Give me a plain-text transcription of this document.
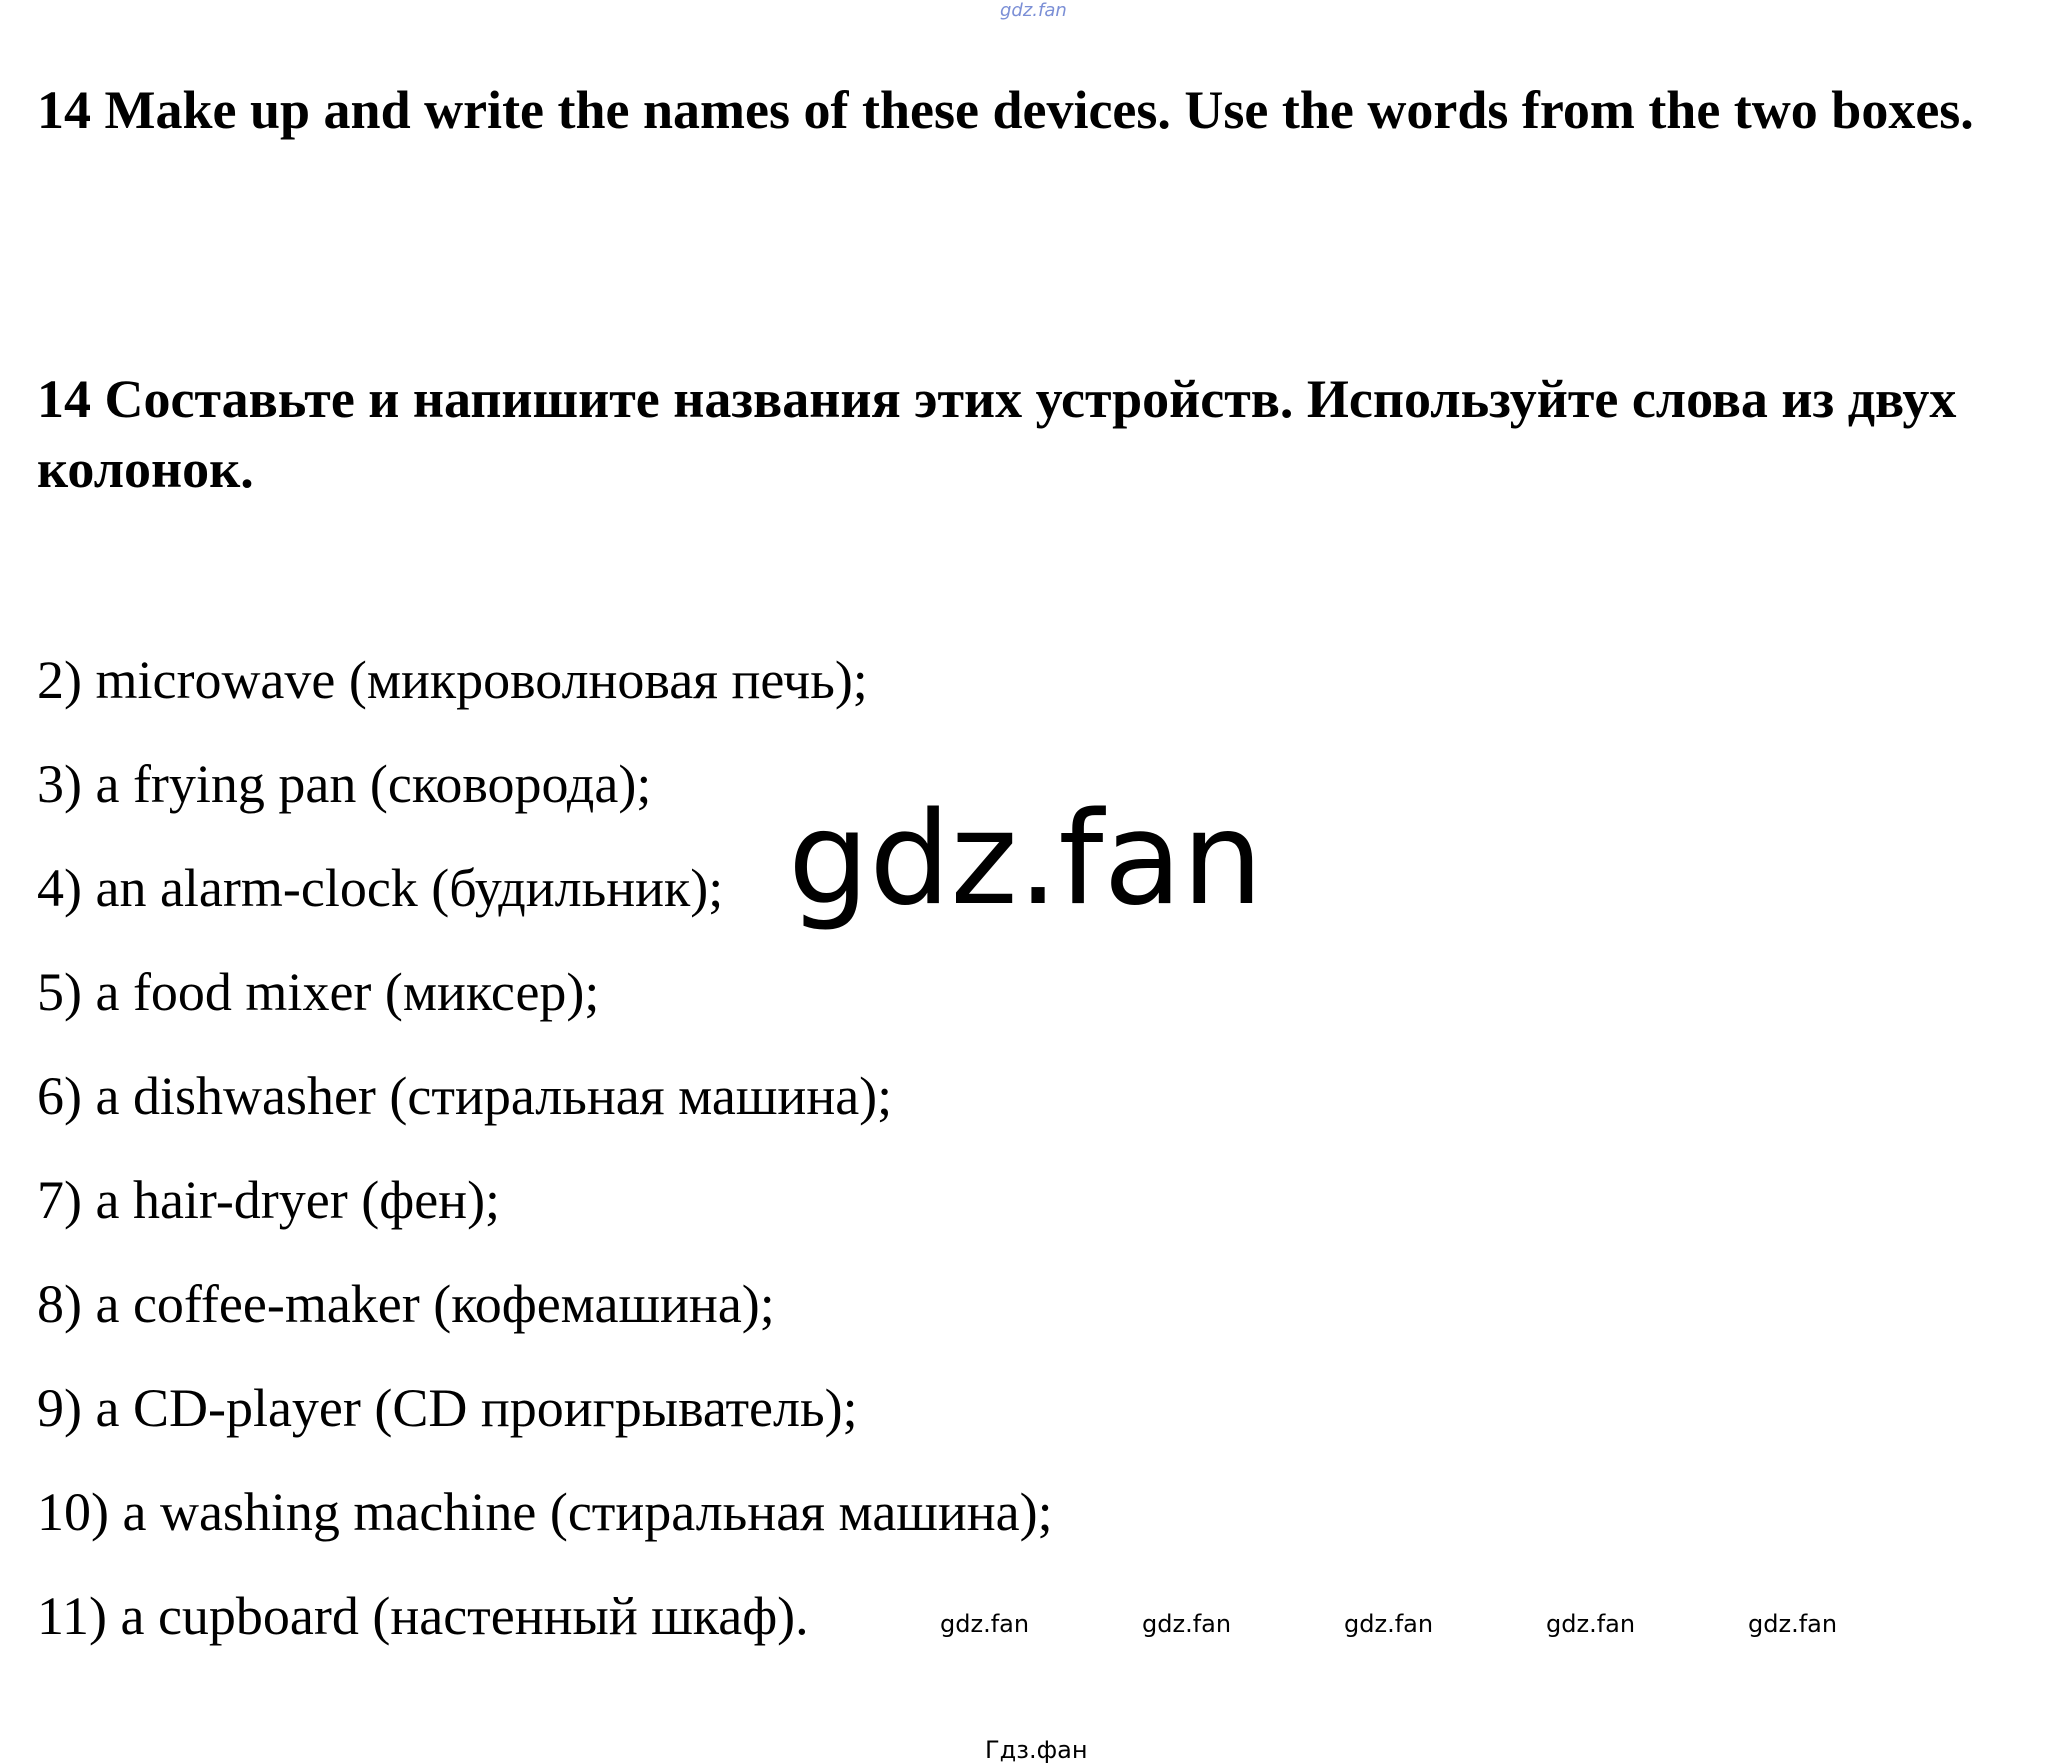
gdz.fan

14 Make up and write the names of these devices. Use the words from the two boxes.

14 Составьте и напишите названия этих устройств. Используйте слова из двух колонок.

2) microwave (микроволновая печь);
3) a frying pan (сковорода);
4) an alarm-clock (будильник);
5) a food mixer (миксер);
6) a dishwasher (стиральная машина);
7) a hair-dryer (фен);
8) a coffee-maker (кофемашина);
9) a CD-player (CD проигрыватель);
10) a washing machine (стиральная машина);
11) a cupboard (настенный шкаф).
gdz.fan
gdz.fan	gdz.fan	gdz.fan	gdz.fan	gdz.fan
Гдз.фан
